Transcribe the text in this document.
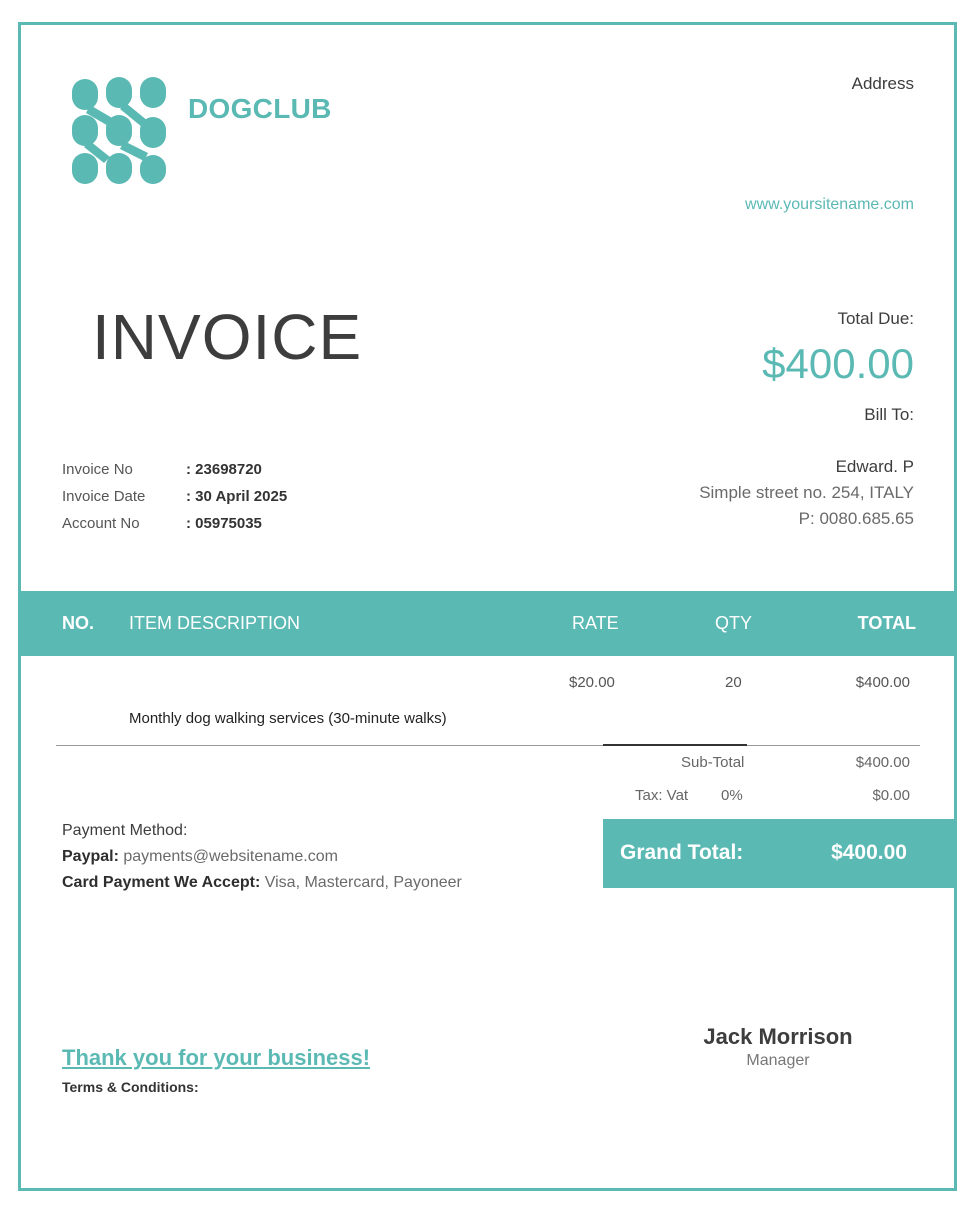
DOGCLUB
Address
www.yoursitename.com
INVOICE	Total Due:
$400.00
Bill To:
Edward. P
Simple street no. 254, ITALY
P: 0080.685.65
Invoice No	: 23698720
Invoice Date	: 30 April 2025
Account No	: 05975035
NO. ITEM DESCRIPTION	RATE	QTY	TOTAL
$20.00	20	$400.00
Monthly dog walking services (30-minute walks)
Sub-Total	$400.00
Tax: Vat 0%	$0.00
Grand Total:	$400.00
Payment Method:
Paypal: payments@websitename.com
Card Payment We Accept: Visa, Mastercard, Payoneer
Jack Morrison
Manager
Thank you for your business!
Terms & Conditions:
